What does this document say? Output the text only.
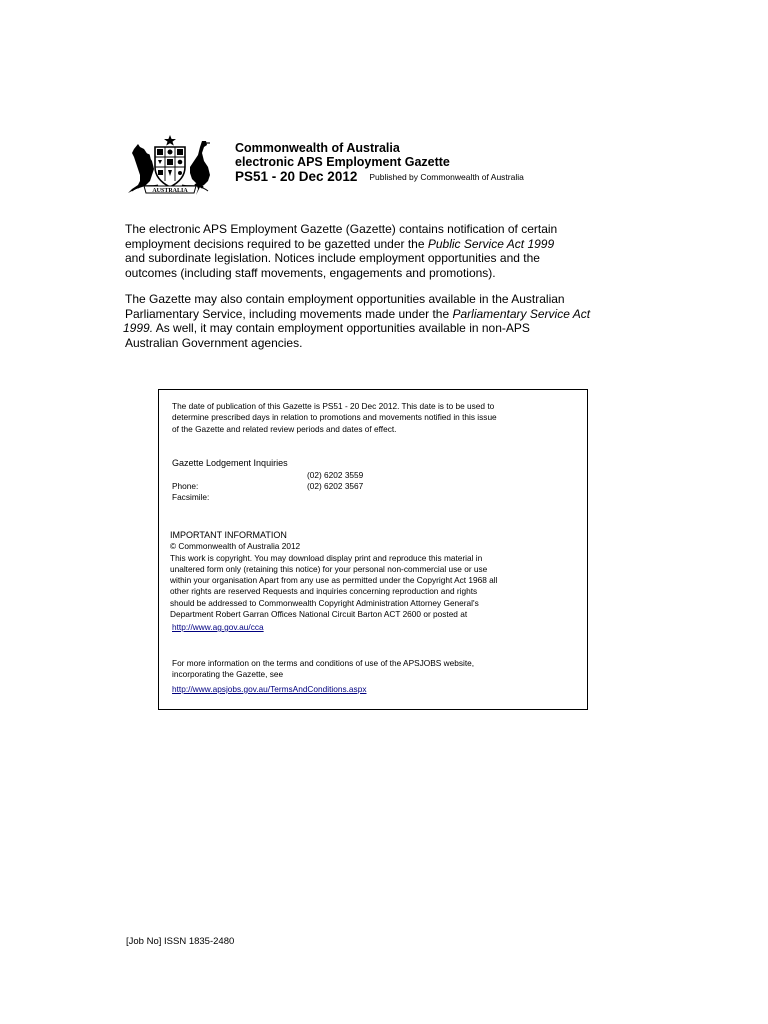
AUSTRALIA
Commonwealth of Australia
electronic APS Employment Gazette
PS51 - 20 Dec 2012 Published by Commonwealth of Australia
The electronic APS Employment Gazette (Gazette) contains notification of certain
employment decisions required to be gazetted under the Public Service Act 1999
and subordinate legislation. Notices include employment opportunities and the
outcomes (including staff movements, engagements and promotions).
The Gazette may also contain employment opportunities available in the Australian
Parliamentary Service, including movements made under the Parliamentary Service Act
1999. As well, it may contain employment opportunities available in non-APS
Australian Government agencies.
The date of publication of this Gazette is PS51 - 20 Dec 2012. This date is to be used to
determine prescribed days in relation to promotions and movements notified in this issue
of the Gazette and related review periods and dates of effect.
Gazette Lodgement Inquiries
(02) 6202 3559
(02) 6202 3567
Phone:
Facsimile:
IMPORTANT INFORMATION
© Commonwealth of Australia 2012
This work is copyright. You may download display print and reproduce this material in
unaltered form only (retaining this notice) for your personal non-commercial use or use
within your organisation Apart from any use as permitted under the Copyright Act 1968 all
other rights are reserved Requests and inquiries concerning reproduction and rights
should be addressed to Commonwealth Copyright Administration Attorney General's
Department Robert Garran Offices National Circuit Barton ACT 2600 or posted at
http://www.ag.gov.au/cca
For more information on the terms and conditions of use of the APSJOBS website,
incorporating the Gazette, see
http://www.apsjobs.gov.au/TermsAndConditions.aspx
[Job No] ISSN 1835-2480
